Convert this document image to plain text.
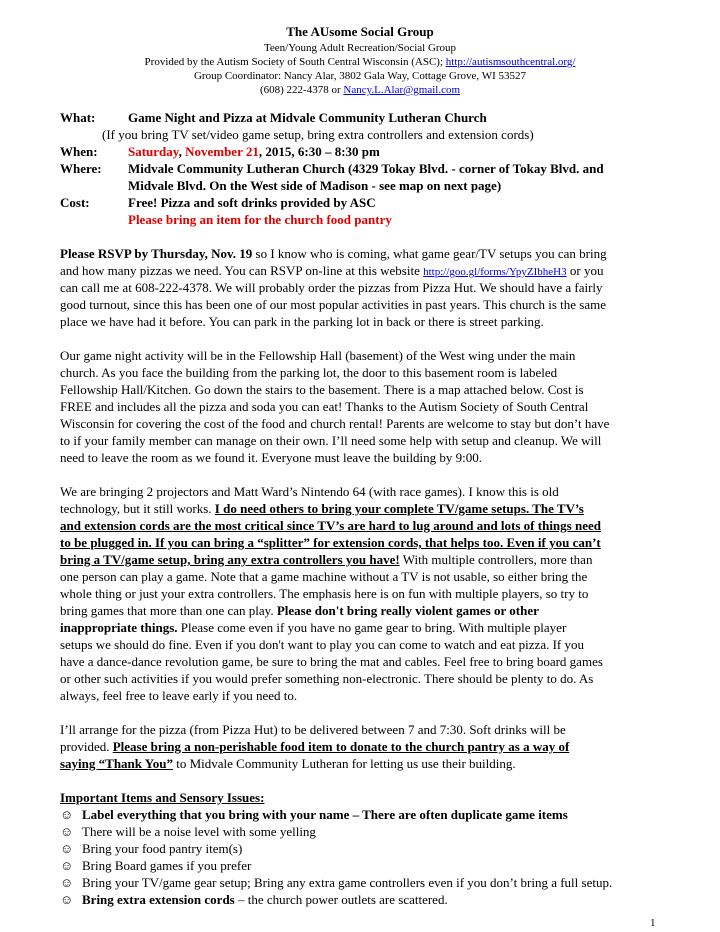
The AUsome Social Group
Teen/Young Adult Recreation/Social Group
Provided by the Autism Society of South Central Wisconsin (ASC); http://autismsouthcentral.org/
Group Coordinator: Nancy Alar, 3802 Gala Way, Cottage Grove, WI 53527
(608) 222-4378 or Nancy.L.Alar@gmail.com
What:	Game Night and Pizza at Midvale Community Lutheran Church
(If you bring TV set/video game setup, bring extra controllers and extension cords)
When: Saturday, November 21, 2015, 6:30 – 8:30 pm
Where: Midvale Community Lutheran Church (4329 Tokay Blvd. - corner of Tokay Blvd. and
Midvale Blvd. On the West side of Madison - see map on next page)
Cost:	Free! Pizza and soft drinks provided by ASC
Please bring an item for the church food pantry
Please RSVP by Thursday, Nov. 19 so I know who is coming, what game gear/TV setups you can bring
and how many pizzas we need. You can RSVP on-line at this website http://goo.gl/forms/YpyZIbheH3 or you
can call me at 608-222-4378. We will probably order the pizzas from Pizza Hut. We should have a fairly
good turnout, since this has been one of our most popular activities in past years. This church is the same
place we have had it before. You can park in the parking lot in back or there is street parking.
Our game night activity will be in the Fellowship Hall (basement) of the West wing under the main
church. As you face the building from the parking lot, the door to this basement room is labeled
Fellowship Hall/Kitchen. Go down the stairs to the basement. There is a map attached below. Cost is
FREE and includes all the pizza and soda you can eat! Thanks to the Autism Society of South Central
Wisconsin for covering the cost of the food and church rental! Parents are welcome to stay but don’t have
to if your family member can manage on their own. I’ll need some help with setup and cleanup. We will
need to leave the room as we found it. Everyone must leave the building by 9:00.
We are bringing 2 projectors and Matt Ward’s Nintendo 64 (with race games). I know this is old
technology, but it still works. I do need others to bring your complete TV/game setups. The TV’s
and extension cords are the most critical since TV’s are hard to lug around and lots of things need
to be plugged in. If you can bring a “splitter” for extension cords, that helps too. Even if you can’t
bring a TV/game setup, bring any extra controllers you have! With multiple controllers, more than
one person can play a game. Note that a game machine without a TV is not usable, so either bring the
whole thing or just your extra controllers. The emphasis here is on fun with multiple players, so try to
bring games that more than one can play. Please don't bring really violent games or other
inappropriate things. Please come even if you have no game gear to bring. With multiple player
setups we should do fine. Even if you don't want to play you can come to watch and eat pizza. If you
have a dance-dance revolution game, be sure to bring the mat and cables. Feel free to bring board games
or other such activities if you would prefer something non-electronic. There should be plenty to do. As
always, feel free to leave early if you need to.
I’ll arrange for the pizza (from Pizza Hut) to be delivered between 7 and 7:30. Soft drinks will be
provided. Please bring a non-perishable food item to donate to the church pantry as a way of
saying “Thank You” to Midvale Community Lutheran for letting us use their building.
Important Items and Sensory Issues:
☺ Label everything that you bring with your name – There are often duplicate game items
☺ There will be a noise level with some yelling
☺ Bring your food pantry item(s)
☺ Bring Board games if you prefer
☺ Bring your TV/game gear setup; Bring any extra game controllers even if you don’t bring a full setup.
☺ Bring extra extension cords – the church power outlets are scattered.
1
